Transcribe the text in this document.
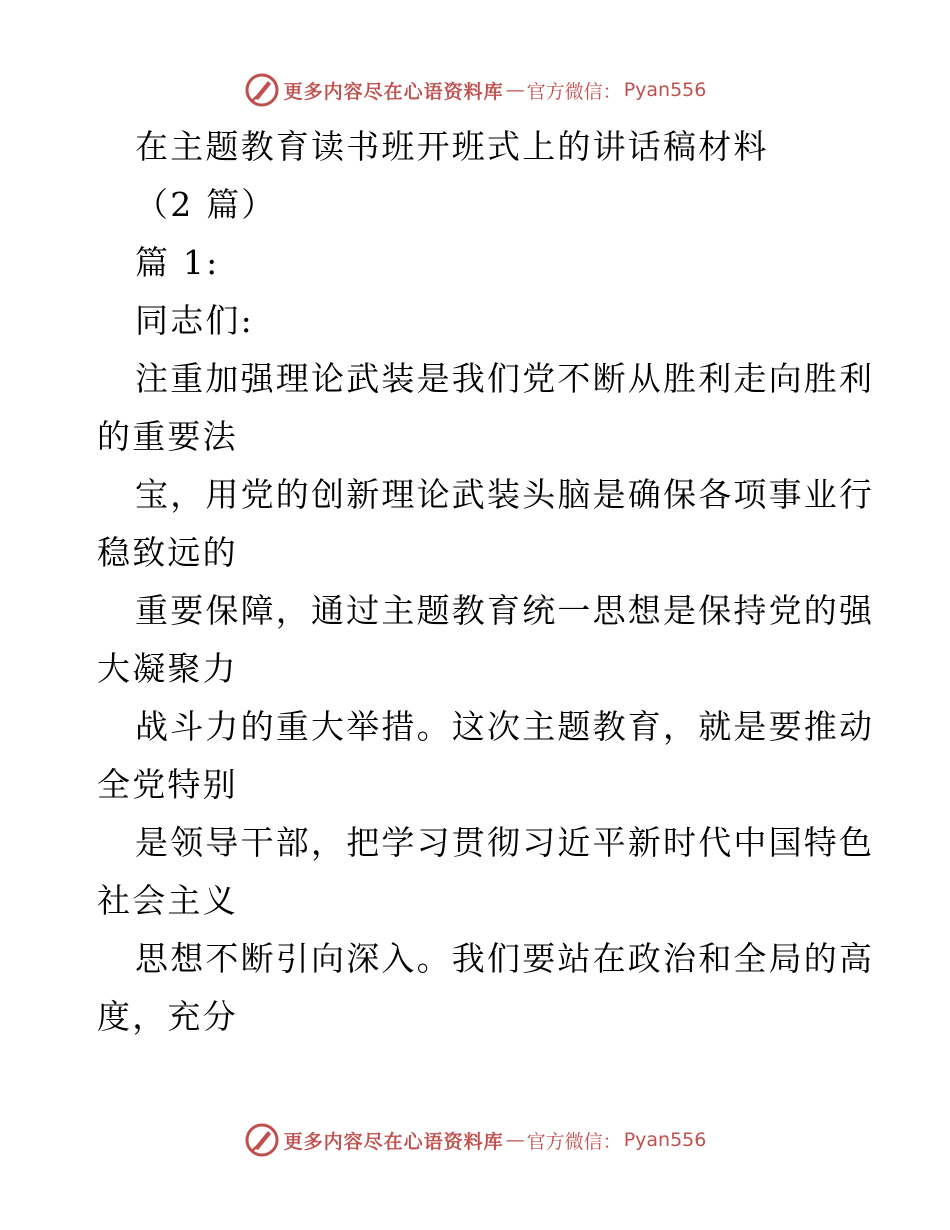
更多内容尽在心语资料库 — 官方微信： Pyan556
在主题教育读书班开班式上的讲话稿材料
（2 篇）
篇 1:
同志们:
注重加强理论武装是我们党不断从胜利走向胜利
的重要法
宝，用党的创新理论武装头脑是确保各项事业行
稳致远的
重要保障，通过主题教育统一思想是保持党的强
大凝聚力
战斗力的重大举措。这次主题教育，就是要推动
全党特别
是领导干部，把学习贯彻习近平新时代中国特色
社会主义
思想不断引向深入。我们要站在政治和全局的高
度，充分
更多内容尽在心语资料库 — 官方微信： Pyan556
